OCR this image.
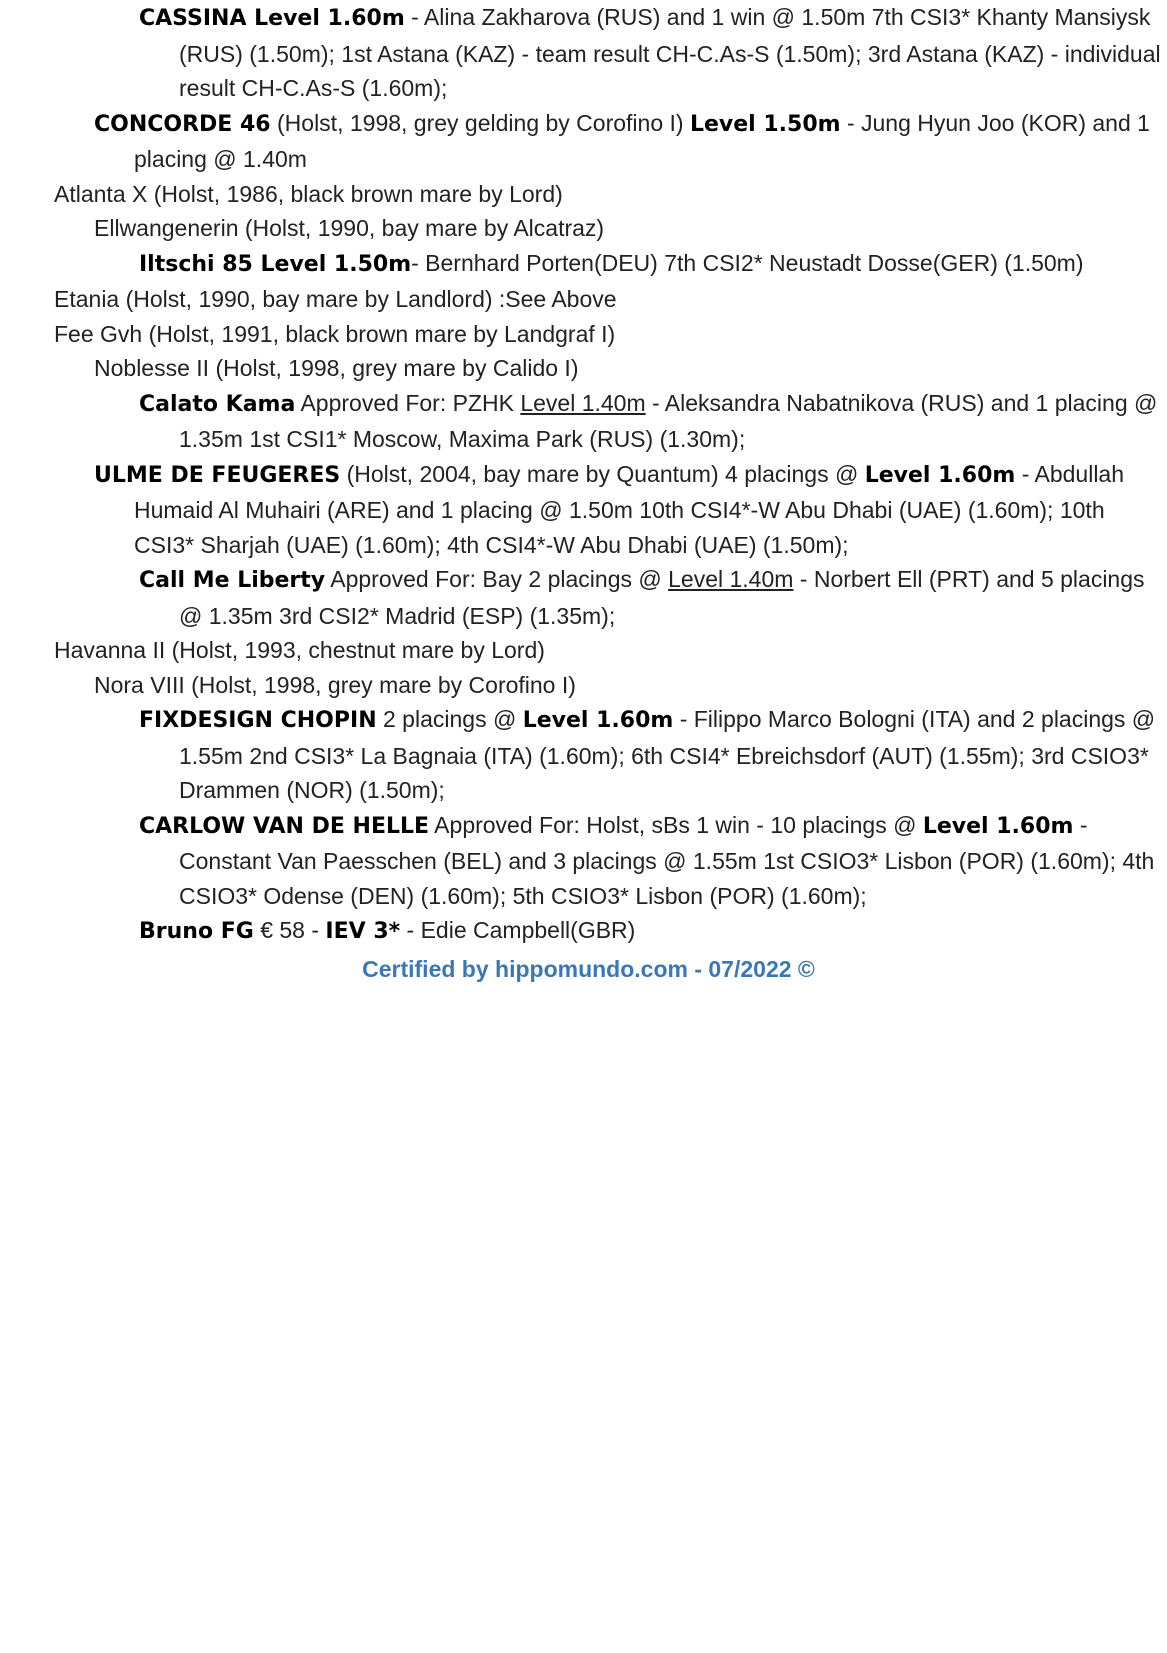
CASSINA Level 1.60m - Alina Zakharova (RUS) and 1 win @ 1.50m 7th CSI3* Khanty Mansiysk (RUS) (1.50m); 1st Astana (KAZ) - team result CH-C.As-S (1.50m); 3rd Astana (KAZ) - individual result CH-C.As-S (1.60m);

CONCORDE 46 (Holst, 1998, grey gelding by Corofino I) Level 1.50m - Jung Hyun Joo (KOR) and 1 placing @ 1.40m

Atlanta X (Holst, 1986, black brown mare by Lord)

Ellwangenerin (Holst, 1990, bay mare by Alcatraz)

Iltschi 85 Level 1.50m- Bernhard Porten(DEU) 7th CSI2* Neustadt Dosse(GER) (1.50m)

Etania (Holst, 1990, bay mare by Landlord) :See Above

Fee Gvh (Holst, 1991, black brown mare by Landgraf I)

Noblesse II (Holst, 1998, grey mare by Calido I)

Calato Kama Approved For: PZHK Level 1.40m - Aleksandra Nabatnikova (RUS) and 1 placing @ 1.35m 1st CSI1* Moscow, Maxima Park (RUS) (1.30m);

ULME DE FEUGERES (Holst, 2004, bay mare by Quantum) 4 placings @ Level 1.60m - Abdullah Humaid Al Muhairi (ARE) and 1 placing @ 1.50m 10th CSI4*-W Abu Dhabi (UAE) (1.60m); 10th CSI3* Sharjah (UAE) (1.60m); 4th CSI4*-W Abu Dhabi (UAE) (1.50m);

Call Me Liberty Approved For: Bay 2 placings @ Level 1.40m - Norbert Ell (PRT) and 5 placings @ 1.35m 3rd CSI2* Madrid (ESP) (1.35m);

Havanna II (Holst, 1993, chestnut mare by Lord)

Nora VIII (Holst, 1998, grey mare by Corofino I)

FIXDESIGN CHOPIN 2 placings @ Level 1.60m - Filippo Marco Bologni (ITA) and 2 placings @ 1.55m 2nd CSI3* La Bagnaia (ITA) (1.60m); 6th CSI4* Ebreichsdorf (AUT) (1.55m); 3rd CSIO3* Drammen (NOR) (1.50m);

CARLOW VAN DE HELLE Approved For: Holst, sBs 1 win - 10 placings @ Level 1.60m - Constant Van Paesschen (BEL) and 3 placings @ 1.55m 1st CSIO3* Lisbon (POR) (1.60m); 4th CSIO3* Odense (DEN) (1.60m); 5th CSIO3* Lisbon (POR) (1.60m);

Bruno FG € 58 - IEV 3* - Edie Campbell(GBR)

Certified by hippomundo.com - 07/2022 ©
